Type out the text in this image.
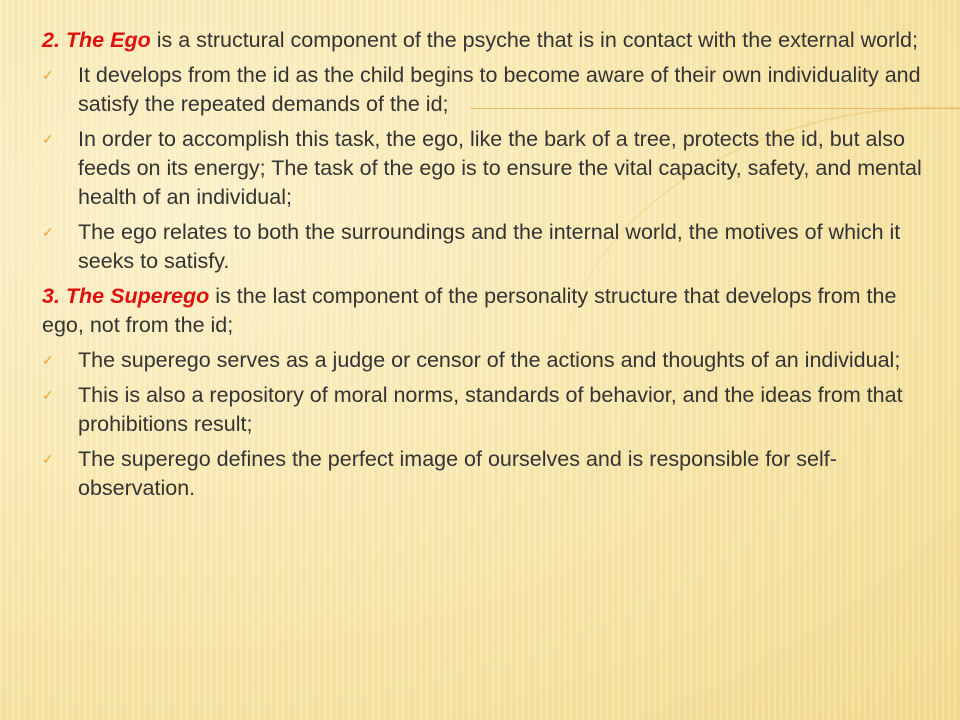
2. The Ego is a structural component of the psyche that is in contact with the external world;

✓ It develops from the id as the child begins to become aware of their own individuality and satisfy the repeated demands of the id;
✓ In order to accomplish this task, the ego, like the bark of a tree, protects the id, but also feeds on its energy; The task of the ego is to ensure the vital capacity, safety, and mental health of an individual;
✓ The ego relates to both the surroundings and the internal world, the motives of which it seeks to satisfy.

3. The Superego is the last component of the personality structure that develops from the ego, not from the id;

✓ The superego serves as a judge or censor of the actions and thoughts of an individual;
✓ This is also a repository of moral norms, standards of behavior, and the ideas from that prohibitions result;
✓ The superego defines the perfect image of ourselves and is responsible for self-observation.
